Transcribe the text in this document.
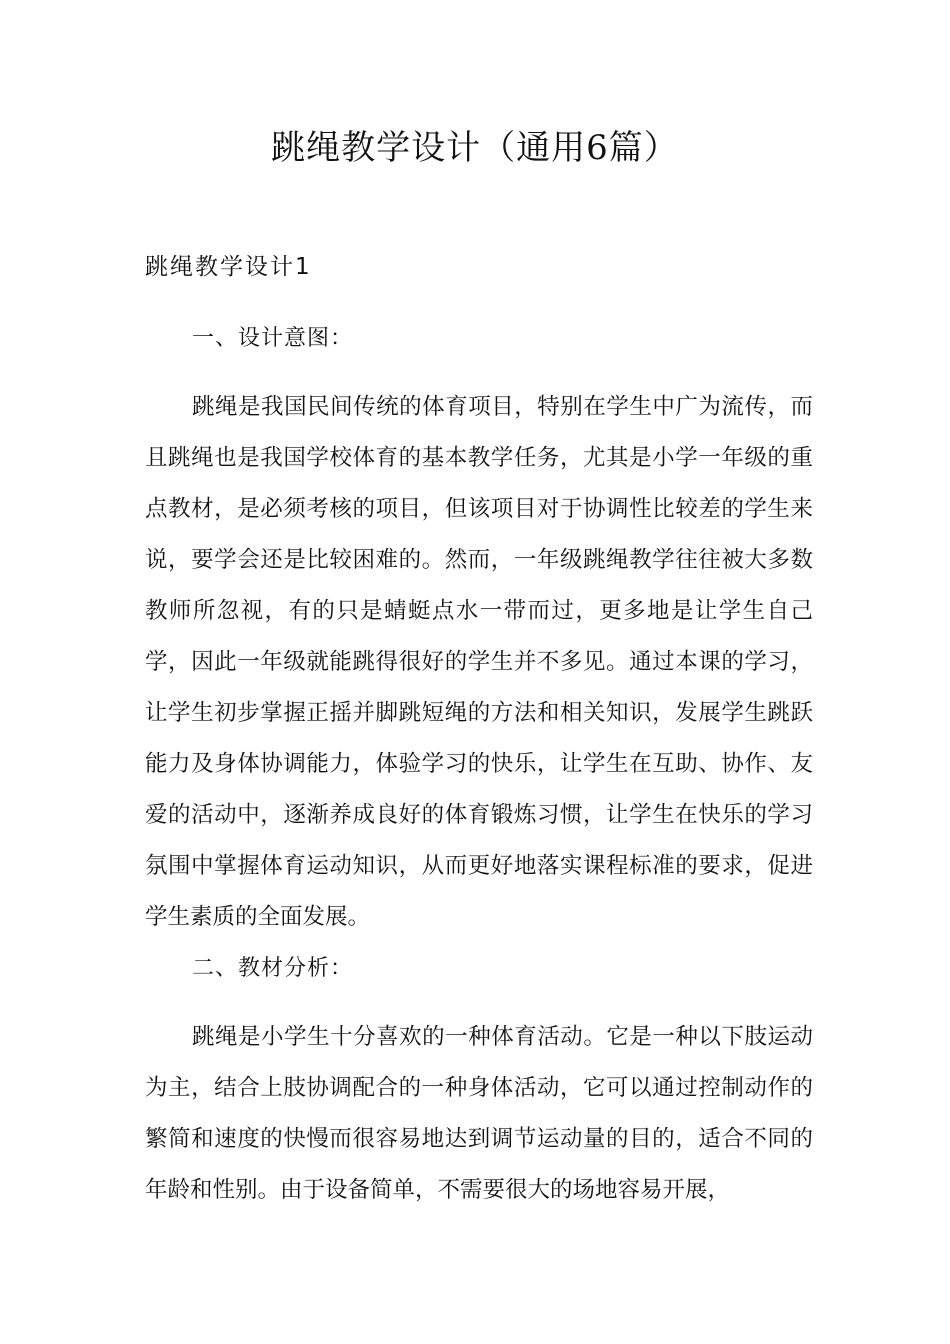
跳绳教学设计（通用6篇）
跳绳教学设计1
一、设计意图：
跳绳是我国民间传统的体育项目，特别在学生中广为流传，而且跳绳也是我国学校体育的基本教学任务，尤其是小学一年级的重点教材，是必须考核的项目，但该项目对于协调性比较差的学生来说，要学会还是比较困难的。然而，一年级跳绳教学往往被大多数教师所忽视，有的只是蜻蜓点水一带而过，更多地是让学生自己学，因此一年级就能跳得很好的学生并不多见。通过本课的学习，让学生初步掌握正摇并脚跳短绳的方法和相关知识，发展学生跳跃能力及身体协调能力，体验学习的快乐，让学生在互助、协作、友爱的活动中，逐渐养成良好的体育锻炼习惯，让学生在快乐的学习氛围中掌握体育运动知识，从而更好地落实课程标准的要求，促进学生素质的全面发展。
二、教材分析：
跳绳是小学生十分喜欢的一种体育活动。它是一种以下肢运动为主，结合上肢协调配合的一种身体活动，它可以通过控制动作的繁简和速度的快慢而很容易地达到调节运动量的目的，适合不同的年龄和性别。由于设备简单，不需要很大的场地容易开展，
